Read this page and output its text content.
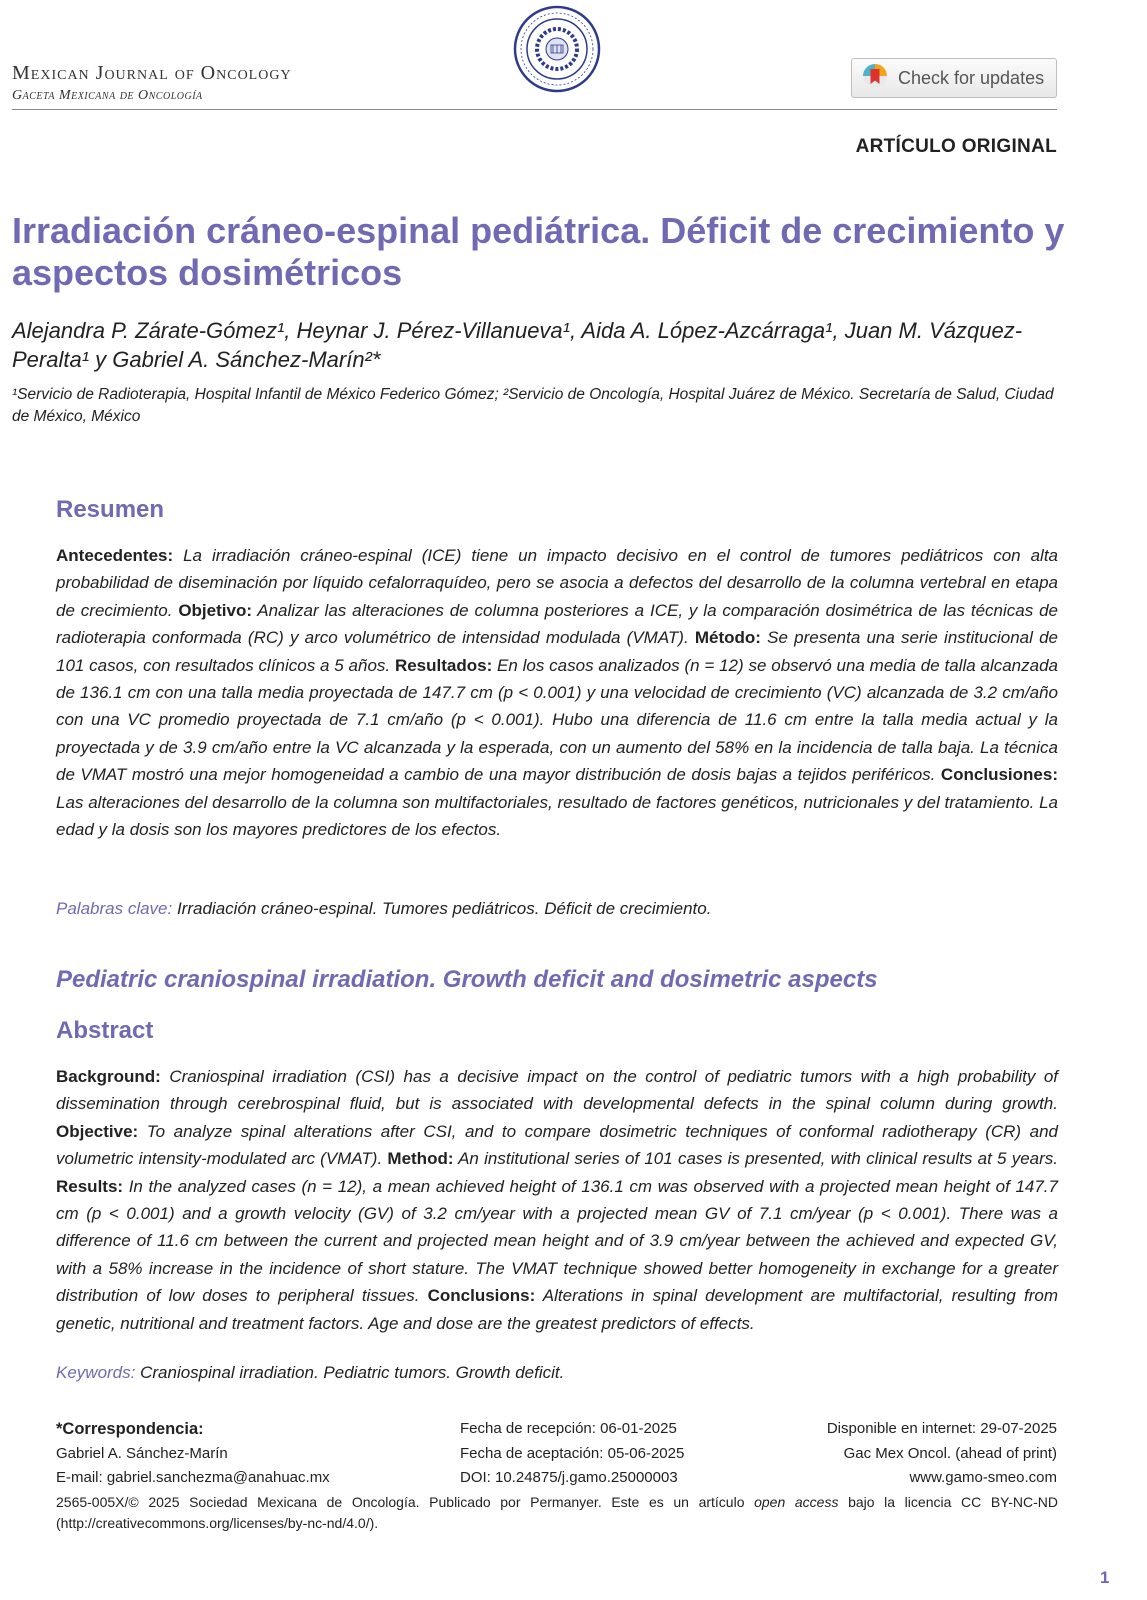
Mexican Journal of Oncology
Gaceta Mexicana de Oncología
Check for updates
ARTÍCULO ORIGINAL
Irradiación cráneo-espinal pediátrica. Déficit de crecimiento y aspectos dosimétricos
Alejandra P. Zárate-Gómez¹, Heynar J. Pérez-Villanueva¹, Aida A. López-Azcárraga¹, Juan M. Vázquez-Peralta¹ y Gabriel A. Sánchez-Marín²*
¹Servicio de Radioterapia, Hospital Infantil de México Federico Gómez; ²Servicio de Oncología, Hospital Juárez de México. Secretaría de Salud, Ciudad de México, México
Resumen
Antecedentes: La irradiación cráneo-espinal (ICE) tiene un impacto decisivo en el control de tumores pediátricos con alta probabilidad de diseminación por líquido cefalorraquídeo, pero se asocia a defectos del desarrollo de la columna vertebral en etapa de crecimiento. Objetivo: Analizar las alteraciones de columna posteriores a ICE, y la comparación dosimétrica de las técnicas de radioterapia conformada (RC) y arco volumétrico de intensidad modulada (VMAT). Método: Se presenta una serie institucional de 101 casos, con resultados clínicos a 5 años. Resultados: En los casos analizados (n = 12) se observó una media de talla alcanzada de 136.1 cm con una talla media proyectada de 147.7 cm (p < 0.001) y una velocidad de crecimiento (VC) alcanzada de 3.2 cm/año con una VC promedio proyectada de 7.1 cm/año (p < 0.001). Hubo una diferencia de 11.6 cm entre la talla media actual y la proyectada y de 3.9 cm/año entre la VC alcanzada y la esperada, con un aumento del 58% en la incidencia de talla baja. La técnica de VMAT mostró una mejor homogeneidad a cambio de una mayor distribución de dosis bajas a tejidos periféricos. Conclusiones: Las alteraciones del desarrollo de la columna son multifactoriales, resultado de factores genéticos, nutricionales y del tratamiento. La edad y la dosis son los mayores predictores de los efectos.
Palabras clave: Irradiación cráneo-espinal. Tumores pediátricos. Déficit de crecimiento.
Pediatric craniospinal irradiation. Growth deficit and dosimetric aspects
Abstract
Background: Craniospinal irradiation (CSI) has a decisive impact on the control of pediatric tumors with a high probability of dissemination through cerebrospinal fluid, but is associated with developmental defects in the spinal column during growth. Objective: To analyze spinal alterations after CSI, and to compare dosimetric techniques of conformal radiotherapy (CR) and volumetric intensity-modulated arc (VMAT). Method: An institutional series of 101 cases is presented, with clinical results at 5 years. Results: In the analyzed cases (n = 12), a mean achieved height of 136.1 cm was observed with a projected mean height of 147.7 cm (p < 0.001) and a growth velocity (GV) of 3.2 cm/year with a projected mean GV of 7.1 cm/year (p < 0.001). There was a difference of 11.6 cm between the current and projected mean height and of 3.9 cm/year between the achieved and expected GV, with a 58% increase in the incidence of short stature. The VMAT technique showed better homogeneity in exchange for a greater distribution of low doses to peripheral tissues. Conclusions: Alterations in spinal development are multifactorial, resulting from genetic, nutritional and treatment factors. Age and dose are the greatest predictors of effects.
Keywords: Craniospinal irradiation. Pediatric tumors. Growth deficit.
*Correspondencia:
Gabriel A. Sánchez-Marín
E-mail: gabriel.sanchezma@anahuac.mx
Fecha de recepción: 06-01-2025
Fecha de aceptación: 05-06-2025
DOI: 10.24875/j.gamo.25000003
Disponible en internet: 29-07-2025
Gac Mex Oncol. (ahead of print)
www.gamo-smeo.com
2565-005X/© 2025 Sociedad Mexicana de Oncología. Publicado por Permanyer. Este es un artículo open access bajo la licencia CC BY-NC-ND (http://creativecommons.org/licenses/by-nc-nd/4.0/).
1
